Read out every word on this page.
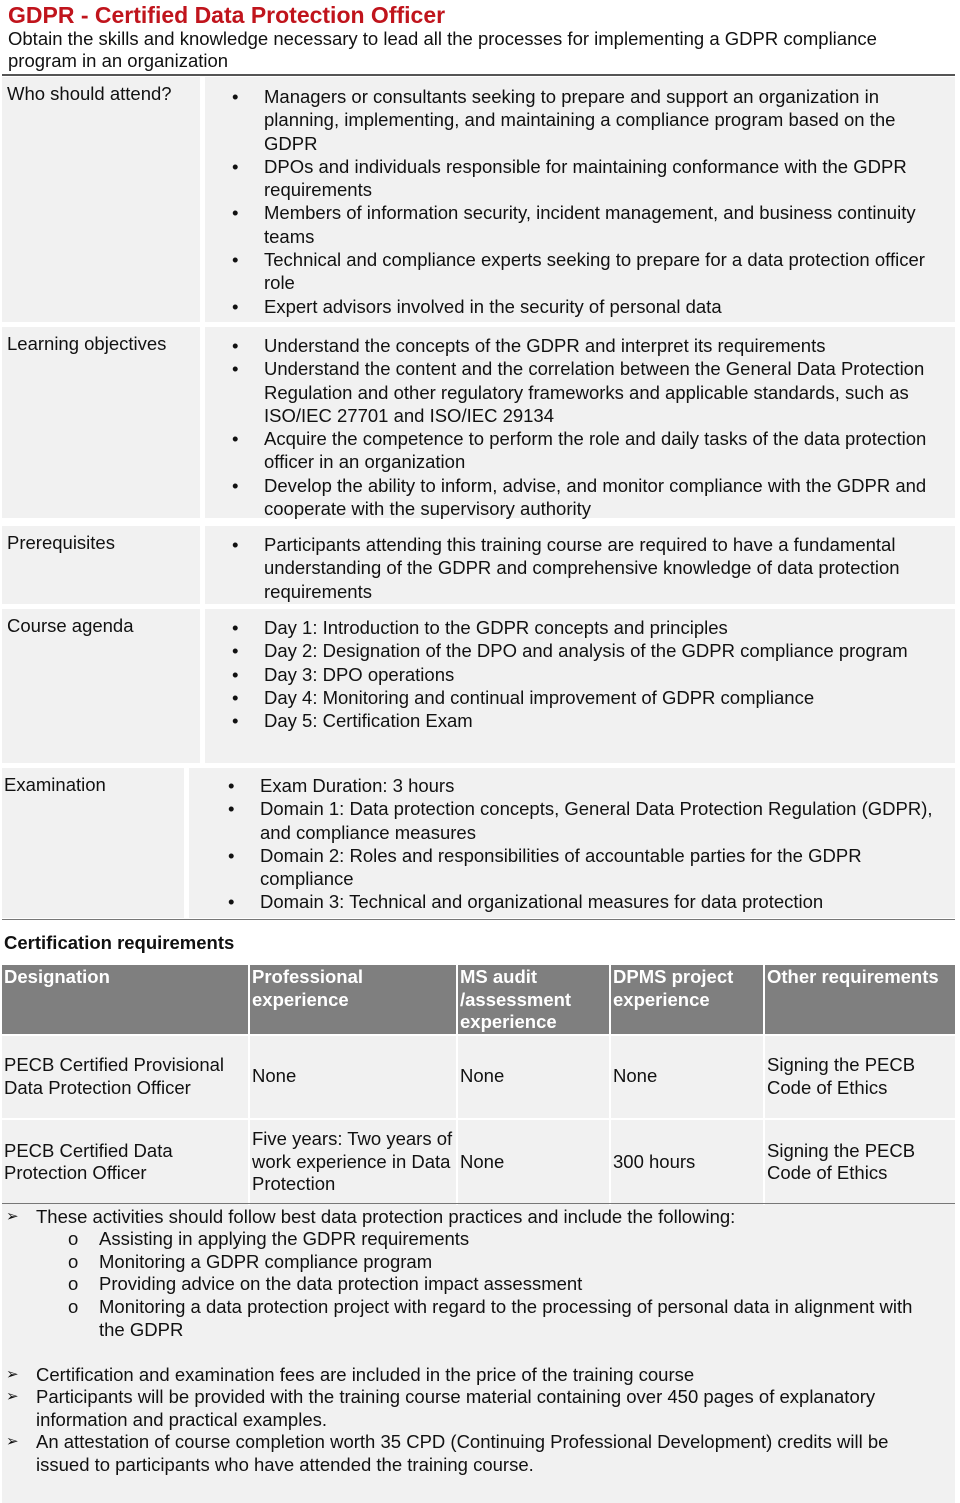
GDPR - Certified Data Protection Officer
Obtain the skills and knowledge necessary to lead all the processes for implementing a GDPR compliance program in an organization
Who should attend?	• Managers or consultants seeking to prepare and support an organization in planning, implementing, and maintaining a compliance program based on the GDPR
• DPOs and individuals responsible for maintaining conformance with the GDPR requirements
• Members of information security, incident management, and business continuity teams
• Technical and compliance experts seeking to prepare for a data protection officer role
• Expert advisors involved in the security of personal data
Learning objectives	• Understand the concepts of the GDPR and interpret its requirements
• Understand the content and the correlation between the General Data Protection Regulation and other regulatory frameworks and applicable standards, such as ISO/IEC 27701 and ISO/IEC 29134
• Acquire the competence to perform the role and daily tasks of the data protection officer in an organization
• Develop the ability to inform, advise, and monitor compliance with the GDPR and cooperate with the supervisory authority
Prerequisites	• Participants attending this training course are required to have a fundamental understanding of the GDPR and comprehensive knowledge of data protection requirements
Course agenda	• Day 1: Introduction to the GDPR concepts and principles
• Day 2: Designation of the DPO and analysis of the GDPR compliance program
• Day 3: DPO operations
• Day 4: Monitoring and continual improvement of GDPR compliance
• Day 5: Certification Exam
Examination	• Exam Duration: 3 hours
• Domain 1: Data protection concepts, General Data Protection Regulation (GDPR), and compliance measures
• Domain 2: Roles and responsibilities of accountable parties for the GDPR compliance
• Domain 3: Technical and organizational measures for data protection
Certification requirements
Designation	Professional experience	MS audit /assessment experience	DPMS project experience	Other requirements
PECB Certified Provisional Data Protection Officer	None	None	None	Signing the PECB Code of Ethics
PECB Certified Data Protection Officer	Five years: Two years of work experience in Data Protection	None	300 hours	Signing the PECB Code of Ethics
➢ These activities should follow best data protection practices and include the following:
o Assisting in applying the GDPR requirements
o Monitoring a GDPR compliance program
o Providing advice on the data protection impact assessment
o Monitoring a data protection project with regard to the processing of personal data in alignment with the GDPR
➢ Certification and examination fees are included in the price of the training course
➢ Participants will be provided with the training course material containing over 450 pages of explanatory information and practical examples.
➢ An attestation of course completion worth 35 CPD (Continuing Professional Development) credits will be issued to participants who have attended the training course.
